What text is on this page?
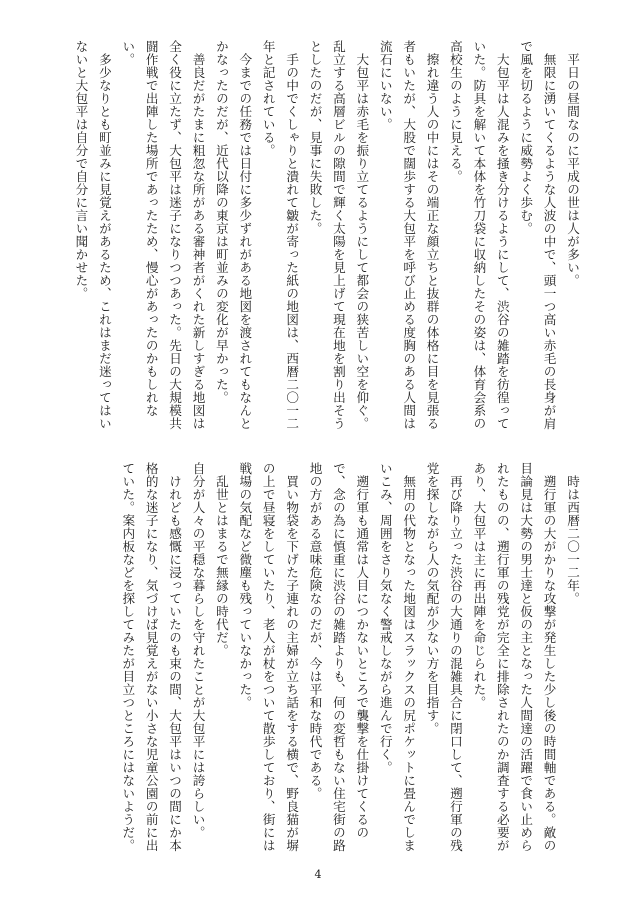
平日の昼間なのに平成の世は人が多い。

無限に湧いてくるような人波の中で、頭一つ高い赤毛の長身が肩で風を切るように威勢よく歩む。

大包平は人混みを掻き分けるようにして、渋谷の雑踏を彷徨っていた。防具を解いて本体を竹刀袋に収納したその姿は、体育会系の高校生のように見える。

擦れ違う人の中にはその端正な顔立ちと抜群の体格に目を見張る者もいたが、大股で闊歩する大包平を呼び止める度胸のある人間は流石にいない。

大包平は赤毛を振り立てるようにして都会の狭苦しい空を仰ぐ。乱立する高層ビルの隙間で輝く太陽を見上げて現在地を割り出そうとしたのだが、見事に失敗した。

手の中でくしゃりと潰れて皺が寄った紙の地図は、西暦二〇一二年と記されている。

今までの任務では日付に多少ずれがある地図を渡されてもなんとかなったのだが、近代以降の東京は町並みの変化が早かった。

善良だがたまに粗忽な所がある審神者がくれた新しすぎる地図は全く役に立たず、大包平は迷子になりつつあった。先日の大規模共闘作戦で出陣した場所であったため、慢心があったのかもしれない。

多少なりとも町並みに見覚えがあるため、これはまだ迷ってはいないと大包平は自分で自分に言い聞かせた。

時は西暦二〇一二年。

遡行軍の大がかりな攻撃が発生した少し後の時間軸である。敵の目論見は大勢の男士達と仮の主となった人間達の活躍で食い止められたものの、遡行軍の残党が完全に排除されたのか調査する必要があり、大包平は主に再出陣を命じられた。

再び降り立った渋谷の大通りの混雑具合に閉口して、遡行軍の残党を探しながら人の気配が少ない方を目指す。

無用の代物となった地図はスラックスの尻ポケットに畳んでしまいこみ、周囲をさり気なく警戒しながら進んで行く。

遡行軍も通常は人目につかないところで襲撃を仕掛けてくるので、念の為に慎重に渋谷の雑踏よりも、何の変哲もない住宅街の路地の方がある意味危険なのだが、今は平和な時代である。

買い物袋を下げた子連れの主婦が立ち話をする横で、野良猫が塀の上で昼寝をしていたり、老人が杖をついて散歩しており、街には戦場の気配など微塵も残っていなかった。

乱世とはまるで無縁の時代だ。

自分が人々の平穏な暮らしを守れたことが大包平には誇らしい。

けれども感慨に浸っていたのも束の間、大包平はいつの間にか本格的な迷子になり、気づけば見覚えがない小さな児童公園の前に出ていた。案内板などを探してみたが目立つところにはないようだ。

4
